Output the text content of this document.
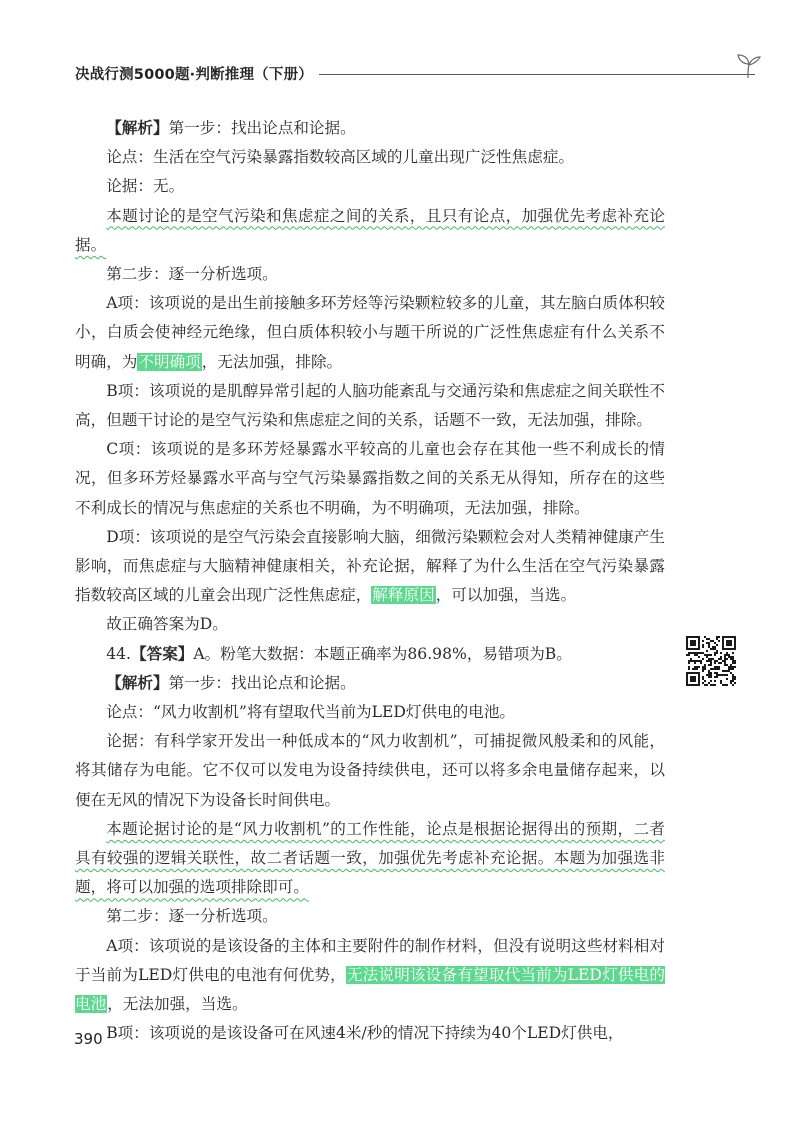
决战行测5000题·判断推理（下册）

【解析】第一步：找出论点和论据。

论点：生活在空气污染暴露指数较高区域的儿童出现广泛性焦虑症。

论据：无。

本题讨论的是空气污染和焦虑症之间的关系，且只有论点，加强优先考虑补充论据。

第二步：逐一分析选项。

A项：该项说的是出生前接触多环芳烃等污染颗粒较多的儿童，其左脑白质体积较小，白质会使神经元绝缘，但白质体积较小与题干所说的广泛性焦虑症有什么关系不明确，为不明确项，无法加强，排除。

B项：该项说的是肌醇异常引起的人脑功能紊乱与交通污染和焦虑症之间关联性不高，但题干讨论的是空气污染和焦虑症之间的关系，话题不一致，无法加强，排除。

C项：该项说的是多环芳烃暴露水平较高的儿童也会存在其他一些不利成长的情况，但多环芳烃暴露水平高与空气污染暴露指数之间的关系无从得知，所存在的这些不利成长的情况与焦虑症的关系也不明确，为不明确项，无法加强，排除。

D项：该项说的是空气污染会直接影响大脑，细微污染颗粒会对人类精神健康产生影响，而焦虑症与大脑精神健康相关，补充论据，解释了为什么生活在空气污染暴露指数较高区域的儿童会出现广泛性焦虑症，解释原因，可以加强，当选。

故正确答案为D。

44.【答案】A。粉笔大数据：本题正确率为86.98%，易错项为B。

【解析】第一步：找出论点和论据。

论点：“风力收割机”将有望取代当前为LED灯供电的电池。

论据：有科学家开发出一种低成本的“风力收割机”，可捕捉微风般柔和的风能，将其储存为电能。它不仅可以发电为设备持续供电，还可以将多余电量储存起来，以便在无风的情况下为设备长时间供电。

本题论据讨论的是“风力收割机”的工作性能，论点是根据论据得出的预期，二者具有较强的逻辑关联性，故二者话题一致，加强优先考虑补充论据。本题为加强选非题，将可以加强的选项排除即可。

第二步：逐一分析选项。

A项：该项说的是该设备的主体和主要附件的制作材料，但没有说明这些材料相对于当前为LED灯供电的电池有何优势，无法说明该设备有望取代当前为LED灯供电的电池，无法加强，当选。

B项：该项说的是该设备可在风速4米/秒的情况下持续为40个LED灯供电，

390
